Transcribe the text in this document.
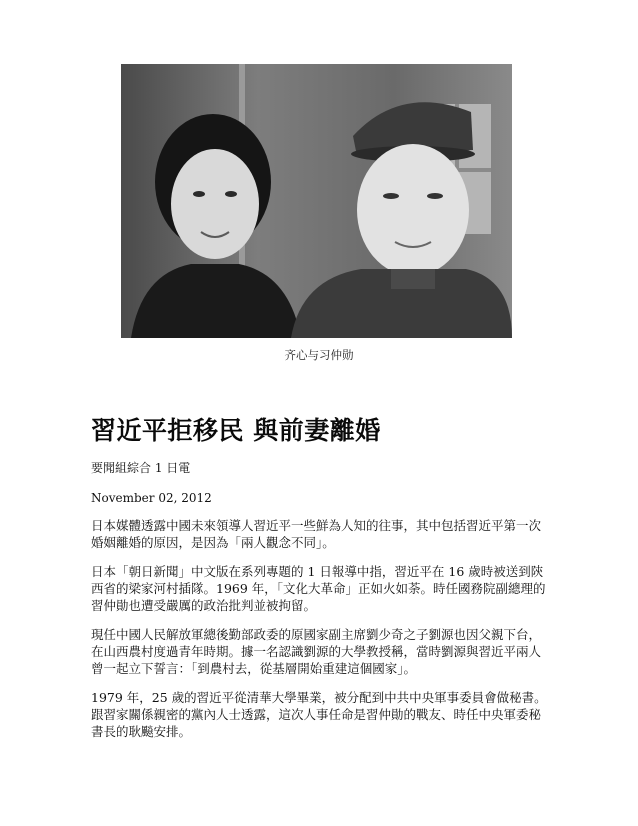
齐心与习仲勋
習近平拒移民 與前妻離婚
要聞組綜合 1 日電
November 02, 2012

日本媒體透露中國未來領導人習近平一些鮮為人知的往事，其中包括習近平第一次婚姻離婚的原因，是因為「兩人觀念不同」。

日本「朝日新聞」中文版在系列專題的 1 日報導中指，習近平在 16 歲時被送到陝西省的梁家河村插隊。1969 年，「文化大革命」正如火如荼。時任國務院副總理的習仲勛也遭受嚴厲的政治批判並被拘留。

現任中國人民解放軍總後勤部政委的原國家副主席劉少奇之子劉源也因父親下台，在山西農村度過青年時期。據一名認識劉源的大學教授稱，當時劉源與習近平兩人曾一起立下誓言：「到農村去，從基層開始重建這個國家」。

1979 年，25 歲的習近平從清華大學畢業，被分配到中共中央軍事委員會做秘書。跟習家關係親密的黨內人士透露，這次人事任命是習仲勛的戰友、時任中央軍委秘書長的耿飈安排。
